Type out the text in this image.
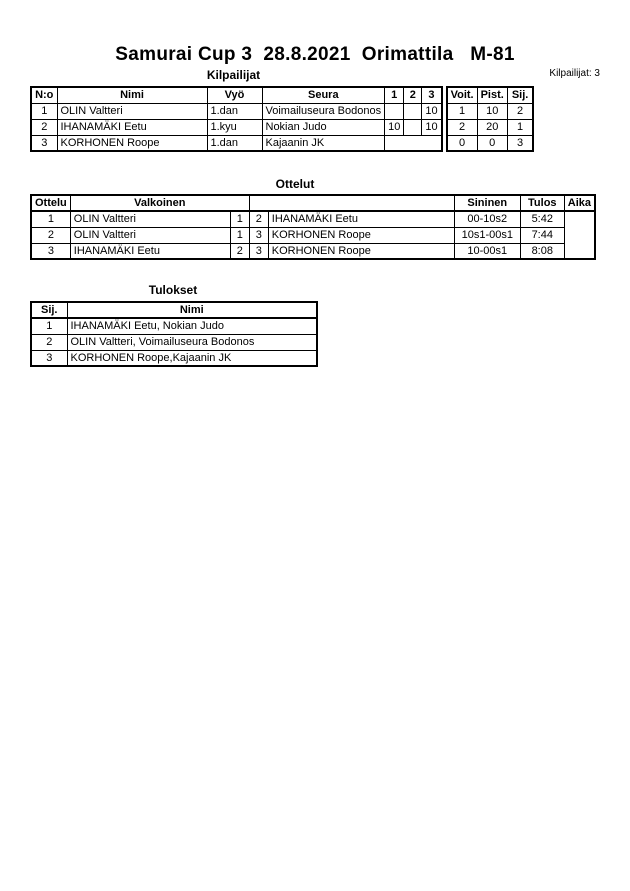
Samurai Cup 3  28.8.2021  Orimattila   M-81
Kilpailijat	Kilpailijat: 3
N:o	Nimi	Vyö	Seura	1	2	3
1	OLIN Valtteri	1.dan	Voimailuseura Bodonos			10
2	IHANAMÄKI Eetu	1.kyu	Nokian Judo	10		10
3	KORHONEN Roope	1.dan	Kajaanin JK			
Voit.	Pist.	Sij.
1	10	2
2	20	1
0	0	3
Ottelut
Ottelu	Valkoinen				Sininen	Tulos	Aika
1	OLIN Valtteri	1	2	IHANAMÄKI Eetu	00-10s2	5:42	
2	OLIN Valtteri	1	3	KORHONEN Roope	10s1-00s1	7:44	
3	IHANAMÄKI Eetu	2	3	KORHONEN Roope	10-00s1	8:08	
Tulokset
Sij.	Nimi
1	IHANAMÄKI Eetu, Nokian Judo
2	OLIN Valtteri, Voimailuseura Bodonos
3	KORHONEN Roope,Kajaanin JK
